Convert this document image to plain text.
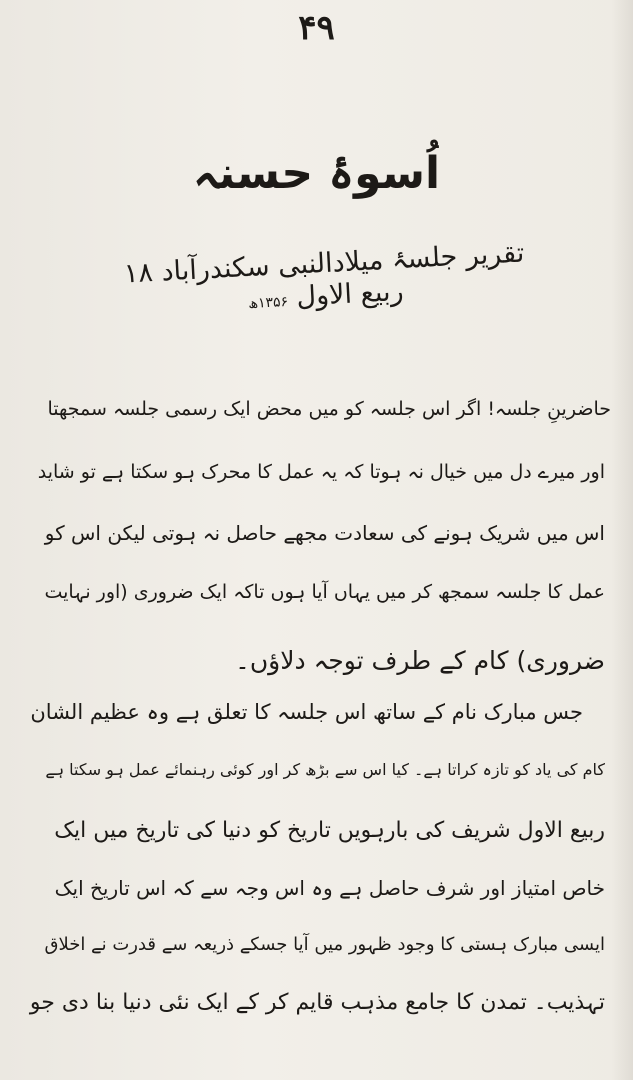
۴۹
اُسوۂ حسنہ
تقریر جلسۂ میلادالنبی سکندرآباد ۱۸ ربیع الاول ۱۳۵۶ھ
حاضرینِ جلسہ! اگر اس جلسہ کو میں محض ایک رسمی جلسہ سمجھتا
اور میرے دل میں خیال نہ ہوتا کہ یہ عمل کا محرک ہو سکتا ہے تو شاید
اس میں شریک ہونے کی سعادت مجھے حاصل نہ ہوتی لیکن اس کو
عمل کا جلسہ سمجھ کر میں یہاں آیا ہوں تاکہ ایک ضروری (اور نہایت
ضروری) کام کے طرف توجہ دلاؤں۔
جس مبارک نام کے ساتھ اس جلسہ کا تعلق ہے وہ عظیم الشان
کام کی یاد کو تازہ کراتا ہے۔ کیا اس سے بڑھ کر اور کوئی رہنمائے عمل ہو سکتا ہے
ربیع الاول شریف کی بارہویں تاریخ کو دنیا کی تاریخ میں ایک
خاص امتیاز اور شرف حاصل ہے وہ اس وجہ سے کہ اس تاریخ ایک
ایسی مبارک ہستی کا وجود ظہور میں آیا جسکے ذریعہ سے قدرت نے اخلاق
تہذیب۔ تمدن کا جامع مذہب قایم کر کے ایک نئی دنیا بنا دی جو
